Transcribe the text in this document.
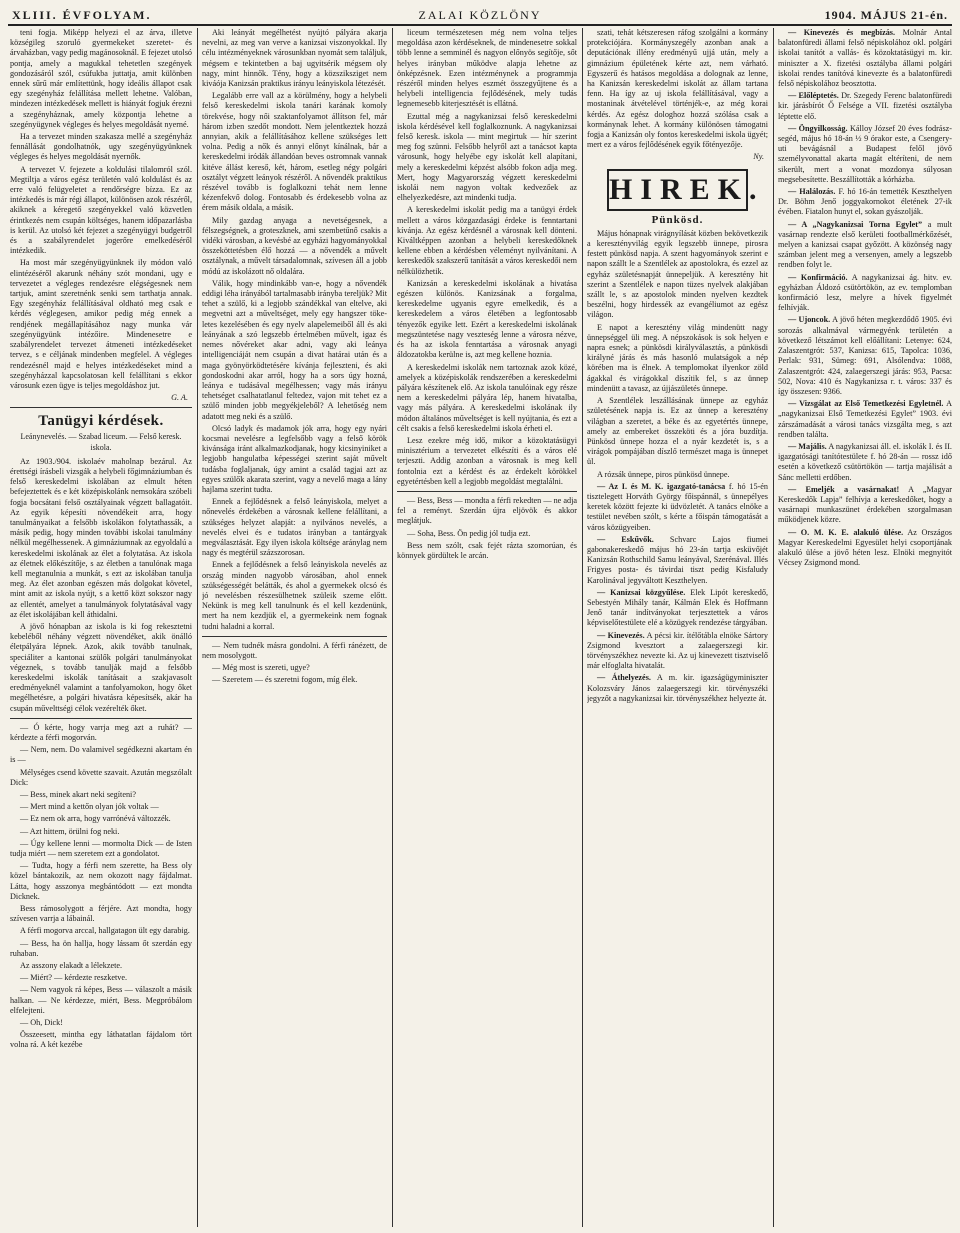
XLIII. ÉVFOLYAM.	ZALAI KÖZLÖNY	1904. MÁJUS 21-én.

teni fogja. Miképp helyezi el az árva, illetve községileg szoruló gyermekeket szeretet- és árvaházban, vagy pedig magánosoknál. E fejezet utolsó pontja, amely a magukkal tehetetlen szegények gondozásáról szól, csúfukba juttatja, amit különben ennek sűrű már említettünk, hogy ideális állapot csak egy szegényház felállítása mellett lehetne. Valóban, mindezen intézkedések mellett is hiányát fogjuk érezni a szegényháznak, amely központja lehetne a szegényügynek végleges és helyes megoldását nyerné.

Ha a tervezet minden szakasza mellé a szegényház fennállását gondolhatnók, ugy szegényügyünknek végleges és helyes megoldását nyernők.

A tervezet V. fejezete a koldulási tilalomról szól. Megtiltja a város egész területén való koldulást és az erre való felügyeletet a rendőrségre bízza. Ez az intézkedés is már régi állapot, különösen azok részéről, akiknek a kéregető szegényekkel való közvetlen érintkezés nem csupán költséges, hanem időpazarlásba is kerül. Az utolsó két fejezet a szegényügyi budgetről és a szabályrendelet jogerőre emelkedéséről intézkedik.

Ha most már szegényügyünknek ily módon való elintézéséről akarunk néhány szót mondani, ugy e tervezetet a végleges rendezésre elégségesnek nem tartjuk, amint szeretnénk senki sem tarthatja annak. Egy szegényház felállításával oldható meg csak e kérdés véglegesen, amikor pedig még ennek a rendjének megállapításához nagy munka vár szegényügyünk intézőire. Mindenesetre e szabályrendelet tervezet átmeneti intézkedéseket tervez, s e céljának mindenben megfelel. A végleges rendezésnél majd e helyes intézkedéseket mind a szegényházzal kapcsolatosan kell felállítani s ekkor városunk ezen ügye is teljes megoldáshoz jut.

G. A.
Tanügyi kérdések.
Leánynevelés. — Szabad liceum. — Felső keresk. iskola.

Az 1903./904. iskolaév maholnap bezárul. Az érettségi írásbeli vizsgák a helybeli főgimnáziumban és felső kereskedelmi iskolában az elmult héten befejeztettek és e két középiskolánk nemsokára szóbeli fogja bocsátani felső osztályainak végzett ballagatóit. Az egyik képesíti növendékeit arra, hogy tanulmányaikat a felsőbb iskolákon folytathassák, a másik pedig, hogy minden további iskolai tanulmány nélkül megélhessenek. A gimnáziumnak az egyoldalú a kereskedelmi iskolának az élet a folytatása. Az iskola az életnek előkészítője, s az életben a tanulónak maga kell megtanulnia a munkát, s ezt az iskolában tanulja meg. Az élet azonban egészen más dolgokat követel, mint amit az iskola nyújt, s a kettő közt sokszor nagy az ellentét, amelyet a tanulmányok folytatásával vagy az élet iskolájában kell áthidalni.

A jövő hónapban az iskola is ki fog rekesztetni kebeléből néhány végzett növendéket, akik önálló életpályára lépnek. Azok, akik tovább tanulnak, speciáliter a kantonai szülők polgári tanulmányokat végeznek, s tovább tanulják majd a felsőbb kereskedelmi iskolák tanításait a szakjavasolt eredményeknél valamint a tanfolyamokon, hogy őket megélhetésre, a polgári hivatásra képesítsék, akár ha csupán művelttségi célok vezérelték őket.

— Ó kérte, hogy varrja meg azt a ruhát? — kérdezte a férfi mogorván.

— Nem, nem. Do valamivel segédkezni akartam én is —

Mélységes csend követte szavait. Azután megszólalt Dick:

— Bess, minek akart neki segíteni?

— Mert mind a kettőn olyan jók voltak —

— Ez nem ok arra, hogy varrónévá változzék.

— Azt hittem, örülni fog neki.

— Úgy kellene lenni — mormolta Dick — de Isten tudja miért — nem szeretem ezt a gondolatot.

— Tudta, hogy a férfi nem szerette, ha Bess oly közel bántakozik, az nem okozott nagy fájdalmat. Látta, hogy asszonya megbántódott — ezt mondta Dicknek.

Bess rámosolygott a férjére. Azt mondta, hogy szívesen varrja a lábainál.

A férfi mogorva arccal, hallgatagon ült egy darabig.

— Bess, ha ön hallja, hogy lássam őt szerdán egy ruhaban.

Az asszony elakadt a lélekzete.

— Miért? — kérdezte reszketve.

— Nem vagyok rá képes, Bess — válaszolt a másik halkan. — Ne kérdezze, miért, Bess. Megpróbálom elfelejteni.

— Oh, Dick!

Összeesett, mintha egy láthatatlan fájdalom tört volna rá. A két kezébe

Aki leányát megélhetést nyújtó pályára akarja nevelni, az meg van verve a kanizsai viszonyokkal. Ily célu intézményeknek városunkban nyomát sem találjuk, mégsem e tekintetben a baj ugyitsérik mégsem oly nagy, mint hinnők. Tény, hogy a közsziksziget nem kiváója Kanizsán praktikus irányu leányiskola létezését.

Legalább erre vall az a körülmény, hogy a helybeli felső kereskedelmi iskola tanári karának komoly törekvése, hogy női szaktanfolyamot állítson fel, már három izben szedőt mondott. Nem jelentkeztek hozzá annyian, akik a felállításához kellene szükséges lett volna. Pedig a nők és annyi előnyt kínálnak, bár a kereskedelmi iródák állandóan beves ostromnak vannak kitéve állást kereső, két, három, esetleg négy polgári osztályt végzett leányok részéről. A nővendék praktikus részével tovább is foglalkozni tehát nem lenne kézenfekvő dolog. Fontosabb és érdekesebb volna az érem másik oldala, a másik.

Mily gazdag anyaga a nevetségesnek, a félszegségnek, a groteszknek, ami szembetűnő csakis a vidéki városban, a kevésbé az egyházi hagyományokkal összeköttetésben élő hozzá — a nővendék a művelt osztálynak, a művelt társadalomnak, szívesen áll a jobb módú az iskolázott nő oldalára.

Válik, hogy mindinkább van-e, hogy a nővendék eddigi léha irányából tartalmasabb irányba tereljük? Mit tehet a szülő, ki a legjobb szándékkal van eltelve, aki megvetni azt a műveltséget, mely egy hangszer tökeletes kezelésében és egy nyelv alapelemeiből áll és aki leányának a szó legszebb értelmében művelt, igaz és nemes nővéreket akar adni, vagy aki leánya intelligenciáját nem csupán a divat határai után és a maga gyönyörködtetésére kívánja fejleszteni, és aki gondoskodni akar arról, hogy ha a sors úgy hozná, leánya e tudásával megélhessen; vagy más irányu tehetséget csalhatatlanul feltedez, vajon mit tehet ez a szülő minden jobb megyékjeleből? A lehetőség nem adatott meg neki és a szülő.

Olcsó ladyk és madamok jók arra, hogy egy nyári kocsmai nevelésre a legfelsőbb vagy a felső körök kivánsága iránt alkalmazkodjanak, hogy kicsinyiniket a legjobb hangulatba képességei szerint saját művelt tudásba foglaljanak, úgy amint a család tagjai azt az egyes szülők akarata szerint, vagy a nevelő maga a lány hajlama szerint tudta.

Ennek a fejlődésnek a felső leányiskola, melyet a nőnevelés érdekében a városnak kellene felállítani, a szükséges helyzet alapját: a nyilvános nevelés, a nevelés elvei és e tudatos irányban a tantárgyak megválasztását. Egy ilyen iskola költsége aránylag nem nagy és megtérül százszorosan.

Ennek a fejlődésnek a felső leányiskola nevelés az ország minden nagyobb városában, ahol ennek szükségességét belátták, és ahol a gyermekek olcsó és jó nevelésben részesülhetnek szüleik szeme előtt. Nekünk is meg kell tanulnunk és el kell kezdenünk, mert ha nem kezdjük el, a gyermekeink nem fognak tudni haladni a korral.

— Nem tudnék másra gondolni. A férfi ránézett, de nem mosolygott.

— Még most is szereti, ugye?

— Szeretem — és szeretni fogom, míg élek.

liceum természetesen még nem volna teljes megoldása azon kérdéseknek, de mindenesetre sokkal több lenne a semminél és nagyon előnyös segítője, sőt helyes irányban működve alapja lehetne az önképzésnek. Ezen intézménynek a programmja részéről minden helyes eszmét összegyűjtene és a helybeli intelligencia fejlődésének, mely tudás legnemesebb kiterjesztését is ellátná.

Ezuttal még a nagykanizsai felső kereskedelmi iskola kérdésével kell foglalkoznunk. A nagykanizsai felső keresk. iskola — mint megirtuk — hír szerint meg fog szünni. Felsőbb helyről azt a tanácsot kapta városunk, hogy helyébe egy iskolát kell alapítani, mely a kereskedelmi képzést alsóbb fokon adja meg. Mert, hogy Magyarország végzett kereskedelmi iskolái nem nagyon voltak kedvezőek az elhelyezkedésre, azt mindenki tudja.

A kereskedelmi iskolát pedig ma a tanügyi érdek mellett a város közgazdasági érdeke is fenntartani kívánja. Az egész kérdésnél a városnak kell dönteni. Kiváltképpen azonban a helybeli kereskedőknek kellene ebben a kérdésben véleményt nyilvánítani. A kereskedők szakszerű tanítását a város kereskedői nem nélkülözhetik.

Kanizsán a kereskedelmi iskolának a hivatása egészen különös. Kanizsának a forgalma, kereskedelme ugyanis egyre emelkedik, és a kereskedelem a város életében a legfontosabb tényezők egyike lett. Ezért a kereskedelmi iskolának megszüntetése nagy veszteség lenne a városra nézve, és ha az iskola fenntartása a városnak anyagi áldozatokba kerülne is, azt meg kellene hoznia.

A kereskedelmi iskolák nem tartoznak azok közé, amelyek a középiskolák rendszerében a kereskedelmi pályára készítenek elő. Az iskola tanulóinak egy része nem a kereskedelmi pályára lép, hanem hivatalba, vagy más pályára. A kereskedelmi iskolának ily módon általános műveltséget is kell nyújtania, és ezt a célt csakis a felső kereskedelmi iskola érheti el.

Lesz ezekre még idő, mikor a közoktatásügyi minisztérium a tervezetet elkészíti és a város elé terjeszti. Addig azonban a városnak is meg kell fontolnia ezt a kérdést és az érdekelt körökkel egyetértésben kell a legjobb megoldást megtalálni.

— Bess, Bess — mondta a férfi rekedten — ne adja fel a reményt. Szerdán újra eljövök és akkor meglátjuk.

— Soha, Bess. Ön pedig jól tudja ezt.

Bess nem szólt, csak fejét rázta szomorúan, és könnyek gördültek le arcán.

szati, tehát kétszeresen ráfog szolgálni a kormány protekciójára. Kormányszegély azonban anak a deputációnak illény eredményű ujjá után, mely a gimnázium épületének kérte azt, nem várható. Egyszerű és hatásos megoldása a dolognak az lenne, ha Kanizsán kereskedelmi iskolát az állam tartana fenn. Ha így az uj iskola felállításával, vagy a mostaninak átvételével történjék-e, az még korai kérdés. Az egész dologhoz hozzá szólása csak a kormánynak lehet. A kormány különösen támogatni fogja a Kanizsán oly fontos kereskedelmi iskola ügyét; mert ez a város fejlődésének egyik főtényezője.

Ny.
HIREK.
Pünkösd.

Május hónapnak virágnyílását közben bekövetkezik a keresztényvilág egyik legszebb ünnepe, pirosra festett pünkösd napja. A szent hagyományok szerint e napon szállt le a Szentlélek az apostolokra, és ezzel az egyház születésnapját ünnepeljük. A keresztény hit szerint a Szentlélek e napon tüzes nyelvek alakjában szállt le, s az apostolok minden nyelven kezdtek beszélni, hogy hirdessék az evangéliumot az egész világon.

E napot a keresztény világ mindenütt nagy ünnepséggel üli meg. A népszokások is sok helyen e napra esnek; a pünkösdi királyválasztás, a pünkösdi királyné járás és más hasonló mulatságok a nép körében ma is élnek. A templomokat ilyenkor zöld ágakkal és virágokkal díszítik fel, s az ünnep mindenütt a tavasz, az újjászületés ünnepe.

A Szentlélek leszállásának ünnepe az egyház születésének napja is. Ez az ünnep a keresztény világban a szeretet, a béke és az egyetértés ünnepe, amely az embereket összeköti és a jóra buzdítja. Pünkösd ünnepe hozza el a nyár kezdetét is, s a virágok pompájában díszlő természet maga is ünnepet ül.

A rózsák ünnepe, piros pünkösd ünnepe.

— Az I. és M. K. igazgató-tanácsa f. hó 15-én tisztelegett Horváth György főispánnál, s ünnepélyes keretek között fejezte ki üdvözletét. A tanács elnöke a testület nevében szólt, s kérte a főispán támogatását a város közügyeiben.

— Eskűvők. Schvarc Lajos fiumei gabonakereskedő május hó 23-án tartja esküvőjét Kanizsán Rothschild Samu leányával, Szerénával. Illés Frigyes posta- és távirdai tiszt pedig Kisfaludy Karolinával jegyváltott Keszthelyen.

— Kanizsai közgyűlése. Elek Lipót kereskedő, Sebestyén Mihály tanár, Kálmán Elek és Hoffmann Jenő tanár indítványokat terjesztettek a város képviselőtestülete elé a közügyek rendezése tárgyában.

— Kinevezés. A pécsi kir. ítélőtábla elnöke Sártory Zsigmond kvesztort a zalaegerszegi kir. törvényszékhez nevezte ki. Az uj kinevezett tisztviselő már elfoglalta hivatalát.

— Áthelyezés. A m. kir. igazságügyminiszter Kolozsváry János zalaegerszegi kir. törvényszéki jegyzőt a nagykanizsai kir. törvényszékhez helyezte át.

— Kinevezés és megbízás. Molnár Antal balatonfüredi állami felső népiskolához okl. polgári iskolai tanítót a vallás- és közoktatásügyi m. kir. miniszter a X. fizetési osztályba állami polgári iskolai rendes tanítóvá kinevezte és a balatonfüredi felső népiskolához beosztotta.

— Előléptetés. Dr. Szegedy Ferenc balatonfüredi kir. járásbírót Ő Felsége a VII. fizetési osztályba léptette elő.

— Öngyilkosság. Kálloy József 20 éves fodrász-segéd, május hó 18-án ½ 9 órakor este, a Csengery-uti bevágásnál a Budapest felől jövő személyvonattal akarta magát eltéríteni, de nem sikerült, mert a vonat mozdonya súlyosan megsebesítette. Beszállították a kórházba.

— Halálozás. F. hó 16-án temették Keszthelyen Dr. Böhm Jenő joggyakornokot életének 27-ik évében. Fiatalon hunyt el, sokan gyászolják.

— A „Nagykanizsai Torna Egylet” a mult vasárnap rendezte első kerületi footballmérkőzését, melyen a kanizsai csapat győzött. A közönség nagy számban jelent meg a versenyen, amely a legszebb rendben folyt le.

— Konfirmáció. A nagykanizsai ág. hitv. ev. egyházban Áldozó csütörtökön, az ev. templomban konfirmáció lesz, melyre a hívek figyelmét felhívják.

— Ujoncok. A jövő héten megkezdődő 1905. évi sorozás alkalmával vármegyénk területén a következő létszámot kell előállítani: Letenye: 624, Zalaszentgrót: 537, Kanizsa: 615, Tapolca: 1036, Perlak: 931, Sümeg: 691, Alsólendva: 1088, Zalaszentgrót: 424, zalaegerszegi járás: 953, Pacsa: 502, Nova: 410 és Nagykanizsa r. t. város: 337 és így összesen: 9366.

— Vizsgálat az Első Temetkezési Egyletnél. A „nagykanizsai Első Temetkezési Egylet” 1903. évi zárszámadását a városi tanács vizsgálta meg, s azt rendben találta.

— Majális. A nagykanizsai áll. el. iskolák I. és II. igazgatósági tanítótestülete f. hó 28-án — rossz idő esetén a következő csütörtökön — tartja majálisát a Sánc melletti erdőben.

— Emeljék a vasárnakat! A „Magyar Kereskedők Lapja” felhívja a kereskedőket, hogy a vasárnapi munkaszünet érdekében szorgalmasan működjenek közre.

— O. M. K. E. alakuló ülése. Az Országos Magyar Kereskedelmi Egyesület helyi csoportjának alakuló ülése a jövő héten lesz. Elnöki megnyitót Vécsey Zsigmond mond.
